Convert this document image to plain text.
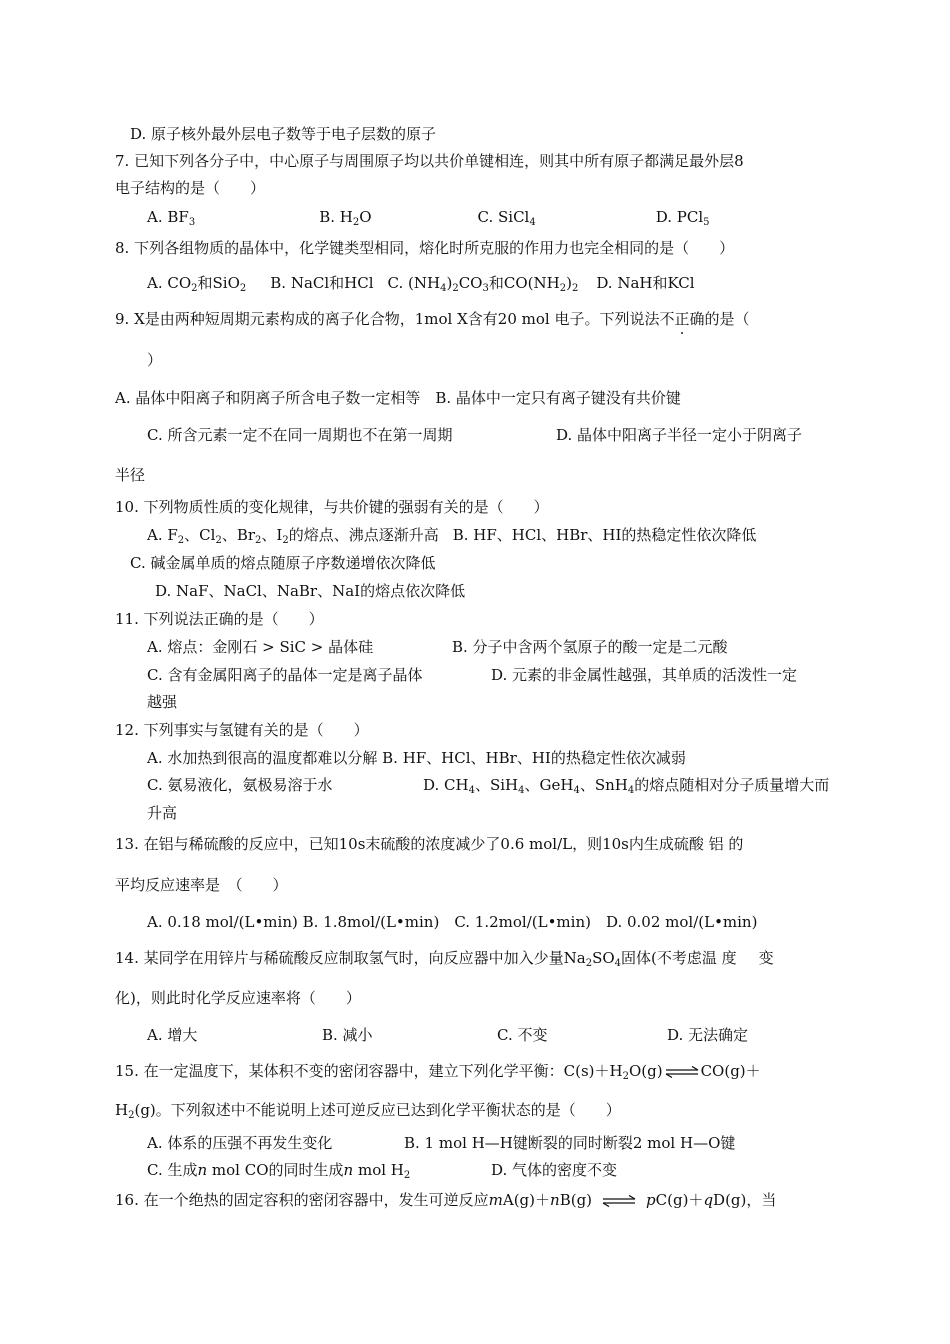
D. 原子核外最外层电子数等于电子层数的原子
7. 已知下列各分子中，中心原子与周围原子均以共价单键相连，则其中所有原子都满足最外层8
电子结构的是（　　）
A. $BF_3$	B. $H_2O$	C. SiCl$_4$	D. PCl$_5$
8. 下列各组物质的晶体中，化学键类型相同，熔化时所克服的作用力也完全相同的是（　　）
A. $CO_2$和SiO$_2$ B. NaCl和HCl C. $(NH_4)_2CO_3$和$CO(NH_2)_2$ D. NaH和KCl
9. X是由两种短周期元素构成的离子化合物，1mol X含有20 mol 电子。下列说法不正确的是（
）
A. 晶体中阳离子和阴离子所含电子数一定相等　B. 晶体中一定只有离子键没有共价键
C. 所含元素一定不在同一周期也不在第一周期	D. 晶体中阳离子半径一定小于阴离子
半径
10. 下列物质性质的变化规律，与共价键的强弱有关的是（　　）
A. $F_2$、$Cl_2$、$Br_2$、$I_2$的熔点、沸点逐渐升高 B. HF、HCl、HBr、HI的热稳定性依次降低
C. 碱金属单质的熔点随原子序数递增依次降低
D. NaF、NaCl、NaBr、NaI的熔点依次降低
11. 下列说法正确的是（　　）
A. 熔点：金刚石 > SiC > 晶体硅	B. 分子中含两个氢原子的酸一定是二元酸
C. 含有金属阳离子的晶体一定是离子晶体	D. 元素的非金属性越强，其单质的活泼性一定
越强
12. 下列事实与氢键有关的是（　　）
A. 水加热到很高的温度都难以分解 B. HF、HCl、HBr、HI的热稳定性依次减弱
C. 氨易液化，氨极易溶于水	D. $CH_4$、SiH$_4$、GeH$_4$、SnH$_4$的熔点随相对分子质量增大而
升高
13. 在铝与稀硫酸的反应中，已知10s末硫酸的浓度减少了0.6 mol/L，则10s内生成硫酸 铝 的
平均反应速率是　（　　）
A. 0.18 mol/(L•min) B. 1.8mol/(L•min)　C. 1.2mol/(L•min)　D. 0.02 mol/(L•min)
14. 某同学在用锌片与稀硫酸反应制取氢气时，向反应器中加入少量$Na_2SO_4$固体(不考虑温 度 变
化)，则此时化学反应速率将（　　）
A. 增大	B. 减小	C. 不变	D. 无法确定
15. 在一定温度下，某体积不变的密闭容器中，建立下列化学平衡：$C(s)+H_2O(g)$ ⇌ CO(g)＋
$H_2(g)$。下列叙述中不能说明上述可逆反应已达到化学平衡状态的是（　　）
A. 体系的压强不再发生变化	B. 1 mol H—H键断裂的同时断裂2 mol H—O键
C. 生成n mol CO的同时生成n mol $H_2$	D. 气体的密度不变
16. 在一个绝热的固定容积的密闭容器中，发生可逆反应mA(g)＋nB(g) ⇌ pC(g)＋qD(g)，当
